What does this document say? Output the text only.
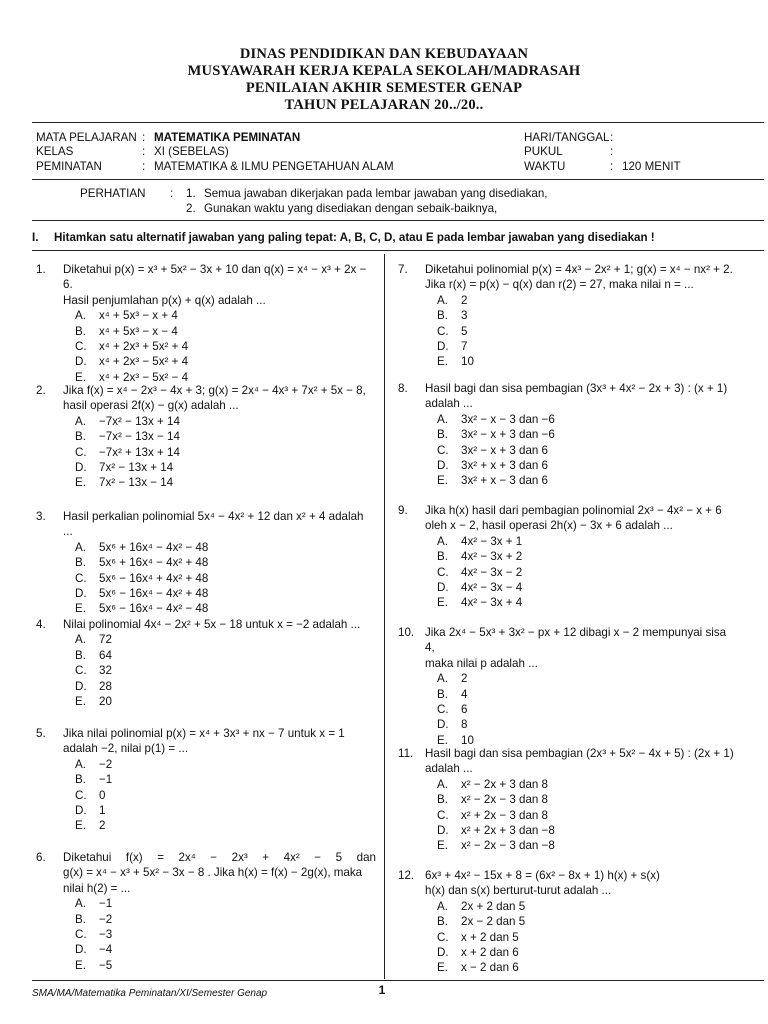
DINAS PENDIDIKAN DAN KEBUDAYAAN
MUSYAWARAH KERJA KEPALA SEKOLAH/MADRASAH
PENILAIAN AKHIR SEMESTER GENAP
TAHUN PELAJARAN 20../20..
MATA PELAJARAN : MATEMATIKA PEMINATAN
KELAS	: XI (SEBELAS)
PEMINATAN	: MATEMATIKA & ILMU PENGETAHUAN ALAM
HARI/TANGGAL :
PUKUL	:
WAKTU	: 120 MENIT
PERHATIAN	:	1. Semua jawaban dikerjakan pada lembar jawaban yang disediakan,
2. Gunakan waktu yang disediakan dengan sebaik-baiknya,
I. Hitamkan satu alternatif jawaban yang paling tepat: A, B, C, D, atau E pada lembar jawaban yang disediakan !
1. Diketahui p(x) = x³ + 5x² − 3x + 10 dan q(x) = x⁴ − x³ + 2x − 6.
Hasil penjumlahan p(x) + q(x) adalah ...
A.	x⁴ + 5x³ − x + 4
B.	x⁴ + 5x³ − x − 4
C.	x⁴ + 2x³ + 5x² + 4
D.	x⁴ + 2x³ − 5x² + 4
E.	x⁴ + 2x³ − 5x² − 4
2. Jika f(x) = x⁴ − 2x³ − 4x + 3; g(x) = 2x⁴ − 4x³ + 7x² + 5x − 8,
hasil operasi 2f(x) − g(x) adalah ...
A.	−7x² − 13x + 14
B.	−7x² − 13x − 14
C.	−7x² + 13x + 14
D.	7x² − 13x + 14
E.	7x² − 13x − 14
3. Hasil perkalian polinomial 5x⁴ − 4x² + 12 dan x² + 4 adalah ...
A.	5x⁶ + 16x⁴ − 4x² − 48
B.	5x⁶ + 16x⁴ − 4x² + 48
C.	5x⁶ − 16x⁴ + 4x² + 48
D.	5x⁶ − 16x⁴ − 4x² + 48
E.	5x⁶ − 16x⁴ − 4x² − 48
4. Nilai polinomial 4x⁴ − 2x² + 5x − 18 untuk x = −2 adalah ...
A.	72
B.	64
C.	32
D.	28
E.	20
5. Jika nilai polinomial p(x) = x⁴ + 3x³ + nx − 7 untuk x = 1
adalah −2, nilai p(1) = ...
A.	−2
B.	−1
C.	0
D.	1
E.	2
6. Diketahui f(x) = 2x⁴ − 2x³ + 4x² − 5 dan
g(x) = x⁴ − x³ + 5x² − 3x − 8 . Jika h(x) = f(x) − 2g(x), maka
nilai h(2) = ...
A.	−1
B.	−2
C.	−3
D.	−4
E.	−5
7. Diketahui polinomial p(x) = 4x³ − 2x² + 1; g(x) = x⁴ − nx² + 2.
Jika r(x) = p(x) − q(x) dan r(2) = 27, maka nilai n = ...
A.	2
B.	3
C.	5
D.	7
E.	10
8. Hasil bagi dan sisa pembagian (3x³ + 4x² − 2x + 3) : (x + 1)
adalah ...
A.	3x² − x − 3 dan −6
B.	3x² − x + 3 dan −6
C.	3x² − x + 3 dan 6
D.	3x² + x + 3 dan 6
E.	3x² + x − 3 dan 6
9. Jika h(x) hasil dari pembagian polinomial 2x³ − 4x² − x + 6
oleh x − 2, hasil operasi 2h(x) − 3x + 6 adalah ...
A.	4x² − 3x + 1
B.	4x² − 3x + 2
C.	4x² − 3x − 2
D.	4x² − 3x − 4
E.	4x² − 3x + 4
10. Jika 2x⁴ − 5x³ + 3x² − px + 12 dibagi x − 2 mempunyai sisa 4,
maka nilai p adalah ...
A.	2
B.	4
C.	6
D.	8
E.	10
11. Hasil bagi dan sisa pembagian (2x³ + 5x² − 4x + 5) : (2x + 1)
adalah ...
A.	x² − 2x + 3 dan 8
B.	x² − 2x − 3 dan 8
C.	x² + 2x − 3 dan 8
D.	x² + 2x + 3 dan −8
E.	x² − 2x − 3 dan −8
12. 6x³ + 4x² − 15x + 8 = (6x² − 8x + 1) h(x) + s(x)
h(x) dan s(x) berturut-turut adalah ...
A.	2x + 2 dan 5
B.	2x − 2 dan 5
C.	x + 2 dan 5
D.	x + 2 dan 6
E.	x − 2 dan 6
SMA/MA/Matematika Peminatan/XI/Semester Genap	1
